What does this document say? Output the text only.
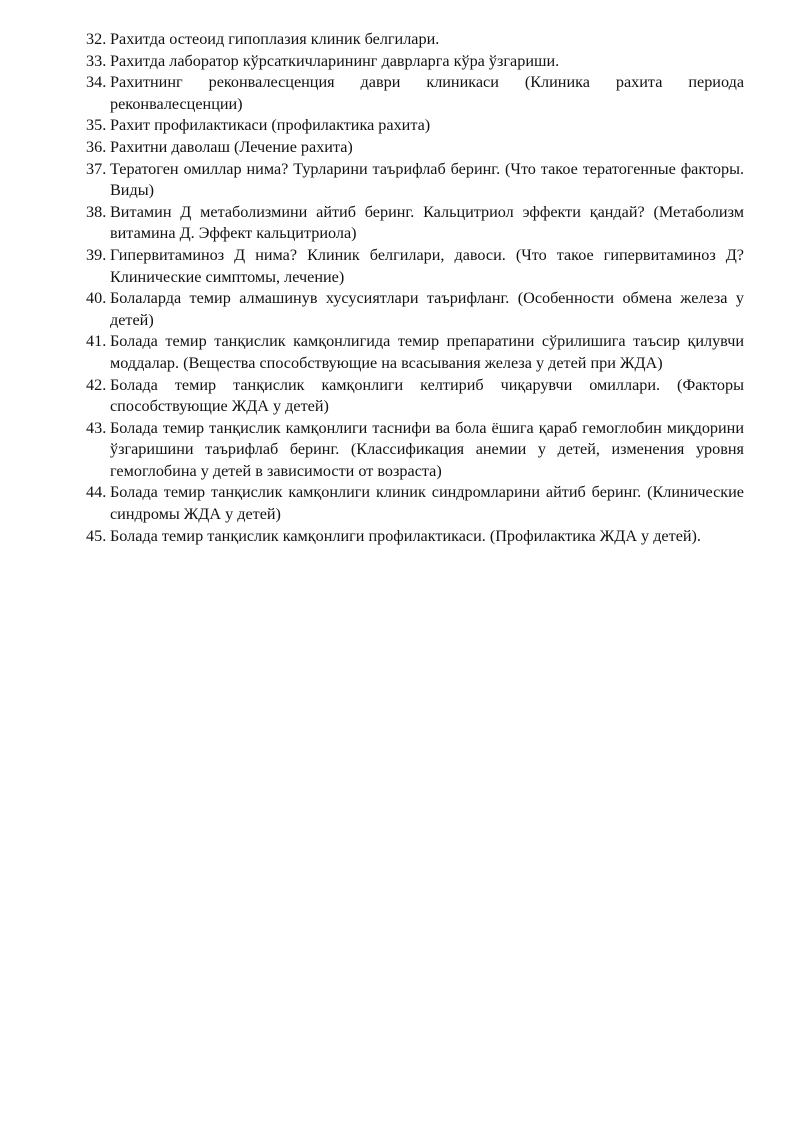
32. Рахитда остеоид гипоплазия клиник белгилари.
33. Рахитда лаборатор кўрсаткичларининг даврларга кўра ўзгариши.
34. Рахитнинг реконвалесценция даври клиникаси (Клиника рахита периода реконвалесценции)
35. Рахит профилактикаси (профилактика рахита)
36. Рахитни даволаш (Лечение рахита)
37. Тератоген омиллар нима? Турларини таърифлаб беринг. (Что такое тератогенные факторы. Виды)
38. Витамин Д метаболизмини айтиб беринг. Кальцитриол эффекти қандай? (Метаболизм витамина Д. Эффект кальцитриола)
39. Гипервитаминоз Д нима? Клиник белгилари, давоси. (Что такое гипервитаминоз Д? Клинические симптомы, лечение)
40. Болаларда темир алмашинув хусусиятлари таърифланг. (Особенности обмена железа у детей)
41. Болада темир танқислик камқонлигида темир препаратини сўрилишига таъсир қилувчи моддалар. (Вещества способствующие на всасывания железа у детей при ЖДА)
42. Болада темир танқислик камқонлиги келтириб чиқарувчи омиллари. (Факторы способствующие ЖДА у детей)
43. Болада темир танқислик камқонлиги таснифи ва бола ёшига қараб гемоглобин миқдорини ўзгаришини таърифлаб беринг. (Классификация анемии у детей, изменения уровня гемоглобина у детей в зависимости от возраста)
44. Болада темир танқислик камқонлиги клиник синдромларини айтиб беринг. (Клинические синдромы ЖДА у детей)
45. Болада темир танқислик камқонлиги профилактикаси. (Профилактика ЖДА у детей).
